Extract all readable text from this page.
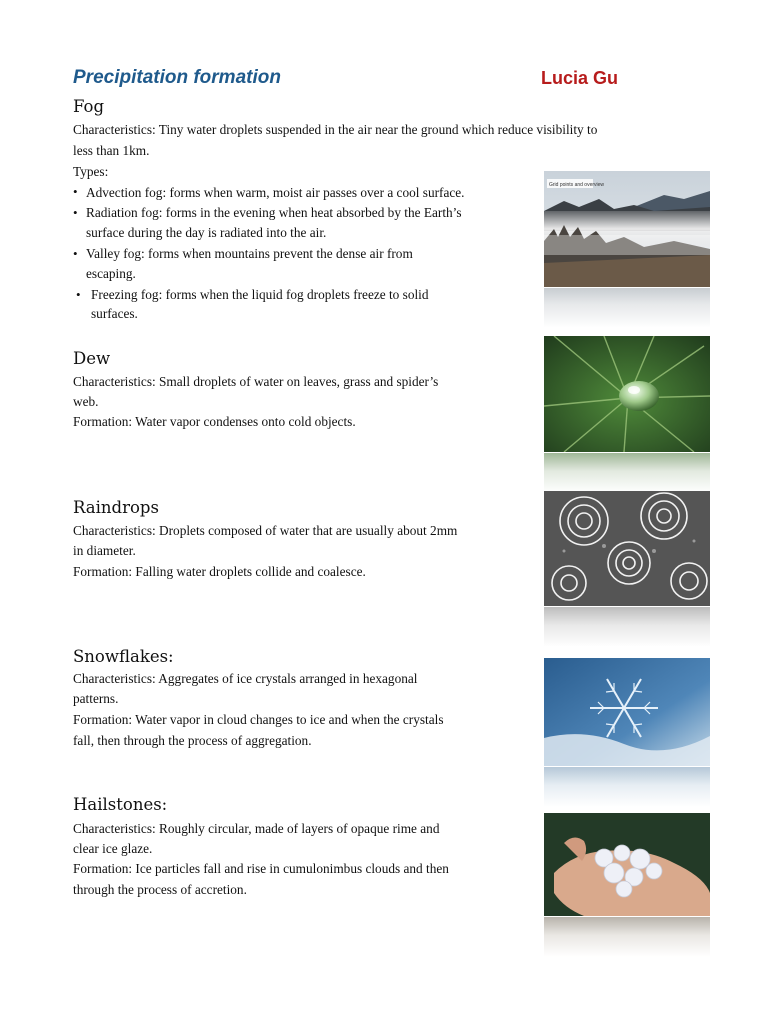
Precipitation formation	Lucia Gu
Fog
Characteristics: Tiny water droplets suspended in the air near the ground which reduce visibility to
less than 1km.
Types:
• Advection fog: forms when warm, moist air passes over a cool surface.
• Radiation fog: forms in the evening when heat absorbed by the Earth’s
surface during the day is radiated into the air.
• Valley fog: forms when mountains prevent the dense air from
escaping.
• Freezing fog: forms when the liquid fog droplets freeze to solid
surfaces.
Grid points and overview
Dew
Characteristics: Small droplets of water on leaves, grass and spider’s
web.
Formation: Water vapor condenses onto cold objects.
Raindrops
Characteristics: Droplets composed of water that are usually about 2mm
in diameter.
Formation: Falling water droplets collide and coalesce.
Snowflakes:
Characteristics: Aggregates of ice crystals arranged in hexagonal
patterns.
Formation: Water vapor in cloud changes to ice and when the crystals
fall, then through the process of aggregation.
Hailstones:
Characteristics: Roughly circular, made of layers of opaque rime and
clear ice glaze.
Formation: Ice particles fall and rise in cumulonimbus clouds and then
through the process of accretion.
